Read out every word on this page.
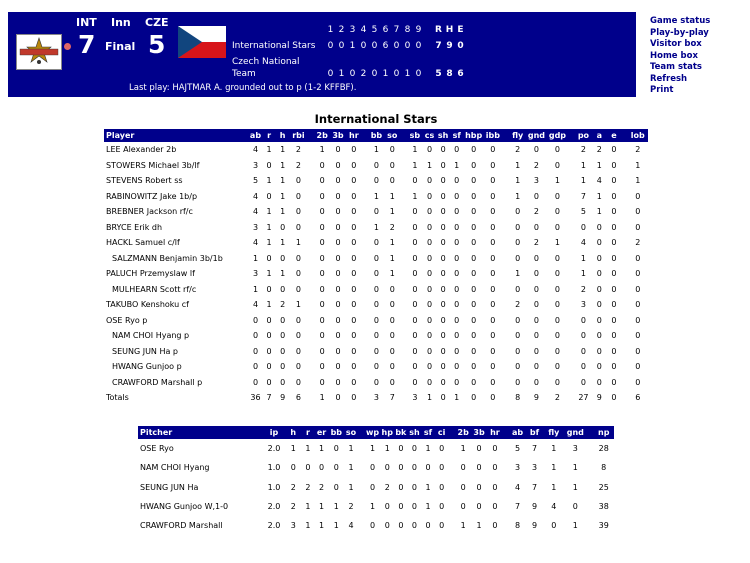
INT Inn CZE
7 Final 5	1 2 3 4 5 6 7 8 9 R H E
International Stars 0 0 1 0 0 6 0 0 0 7 9 0
Czech National Team	0 1 0 2 0 1 0 1 0 5 8 6
Last play: HAJTMAR A. grounded out to p (1-2 KFFBF).
Game status
Play-by-play
Visitor box
Home box
Team stats
Refresh
Print
International Stars
Player	ab	r	h	rbi		2b	3b	hr		bb	so		sb	cs	sh	sf	hbp	ibb		fly	gnd	gdp		po	a	e		lob
LEE Alexander 2b	4	1	1	2		1	0	0		1	0		1	0	0	0	0	0		2	0	0		2	2	0		2
STOWERS Michael 3b/lf	3	0	1	2		0	0	0		0	0		1	1	0	1	0	0		1	2	0		1	1	0		1
STEVENS Robert ss	5	1	1	0		0	0	0		0	0		0	0	0	0	0	0		1	3	1		1	4	0		1
RABINOWITZ Jake 1b/p	4	0	1	0		0	0	0		1	1		1	0	0	0	0	0		1	0	0		7	1	0		0
BREBNER Jackson rf/c	4	1	1	0		0	0	0		0	1		0	0	0	0	0	0		0	2	0		5	1	0		0
BRYCE Erik dh	3	1	0	0		0	0	0		1	2		0	0	0	0	0	0		0	0	0		0	0	0		0
HACKL Samuel c/lf	4	1	1	1		0	0	0		0	1		0	0	0	0	0	0		0	2	1		4	0	0		2
SALZMANN Benjamin 3b/1b	1	0	0	0		0	0	0		0	1		0	0	0	0	0	0		0	0	0		1	0	0		0
PALUCH Przemyslaw lf	3	1	1	0		0	0	0		0	1		0	0	0	0	0	0		1	0	0		1	0	0		0
MULHEARN Scott rf/c	1	0	0	0		0	0	0		0	0		0	0	0	0	0	0		0	0	0		2	0	0		0
TAKUBO Kenshoku cf	4	1	2	1		0	0	0		0	0		0	0	0	0	0	0		2	0	0		3	0	0		0
OSE Ryo p	0	0	0	0		0	0	0		0	0		0	0	0	0	0	0		0	0	0		0	0	0		0
NAM CHOI Hyang p	0	0	0	0		0	0	0		0	0		0	0	0	0	0	0		0	0	0		0	0	0		0
SEUNG JUN Ha p	0	0	0	0		0	0	0		0	0		0	0	0	0	0	0		0	0	0		0	0	0		0
HWANG Gunjoo p	0	0	0	0		0	0	0		0	0		0	0	0	0	0	0		0	0	0		0	0	0		0
CRAWFORD Marshall p	0	0	0	0		0	0	0		0	0		0	0	0	0	0	0		0	0	0		0	0	0		0
Totals	36	7	9	6		1	0	0		3	7		3	1	0	1	0	0		8	9	2		27	9	0		6
Pitcher	ip	h	r	er	bb	so		wp	hp	bk	sh	sf	ci		2b	3b	hr		ab	bf	fly	gnd		np
OSE Ryo	2.0	1	1	1	0	1		1	1	0	0	1	0		1	0	0		5	7	1	3		28
NAM CHOI Hyang	1.0	0	0	0	0	1		0	0	0	0	0	0		0	0	0		3	3	1	1		8
SEUNG JUN Ha	1.0	2	2	2	0	1		0	2	0	0	1	0		0	0	0		4	7	1	1		25
HWANG Gunjoo W,1-0	2.0	2	1	1	1	2		1	0	0	0	1	0		0	0	0		7	9	4	0		38
CRAWFORD Marshall	2.0	3	1	1	1	4		0	0	0	0	0	0		1	1	0		8	9	0	1		39
